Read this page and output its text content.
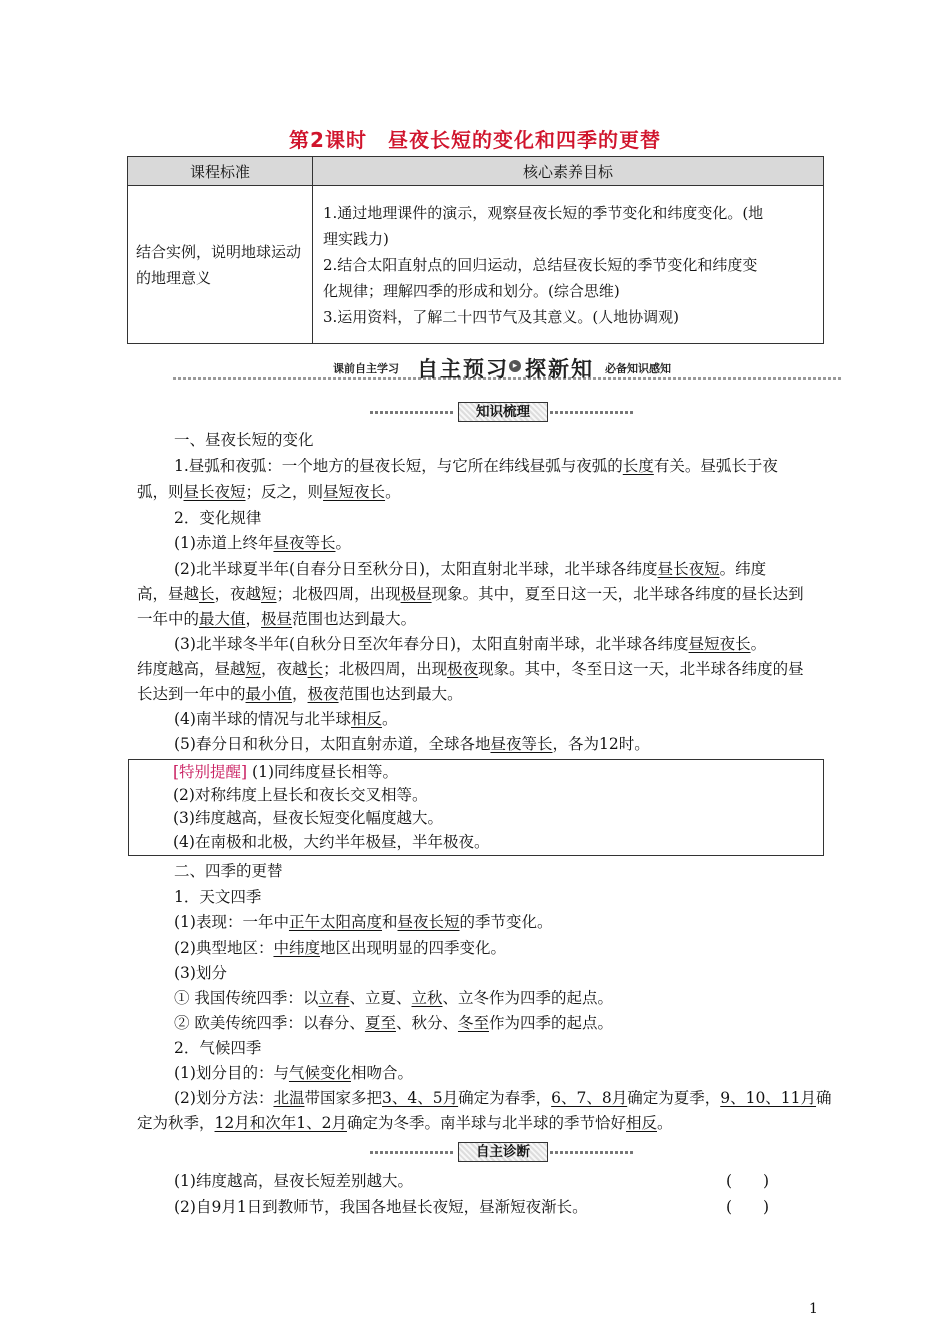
第2课时　昼夜长短的变化和四季的更替
课程标准	核心素养目标
结合实例，说明地球运动的地理意义	1.通过地理课件的演示，观察昼夜长短的季节变化和纬度变化。(地
理实践力)
2.结合太阳直射点的回归运动，总结昼夜长短的季节变化和纬度变
化规律；理解四季的形成和划分。(综合思维)
3.运用资料，了解二十四节气及其意义。(人地协调观)
课前自主学习 自主预习 ▸ 探新知 必备知识感知
知识梳理
一、昼夜长短的变化
1.昼弧和夜弧：一个地方的昼夜长短，与它所在纬线昼弧与夜弧的长度有关。昼弧长于夜
弧，则昼长夜短；反之，则昼短夜长。
2．变化规律
(1)赤道上终年昼夜等长。
(2)北半球夏半年(自春分日至秋分日)，太阳直射北半球，北半球各纬度昼长夜短。纬度
高，昼越长，夜越短；北极四周，出现极昼现象。其中，夏至日这一天，北半球各纬度的昼长达到
一年中的最大值，极昼范围也达到最大。
(3)北半球冬半年(自秋分日至次年春分日)，太阳直射南半球，北半球各纬度昼短夜长。
纬度越高，昼越短，夜越长；北极四周，出现极夜现象。其中，冬至日这一天，北半球各纬度的昼
长达到一年中的最小值，极夜范围也达到最大。
(4)南半球的情况与北半球相反。
(5)春分日和秋分日，太阳直射赤道，全球各地昼夜等长，各为12时。
[特别提醒] (1)同纬度昼长相等。
(2)对称纬度上昼长和夜长交叉相等。
(3)纬度越高，昼夜长短变化幅度越大。
(4)在南极和北极，大约半年极昼，半年极夜。
二、四季的更替
1．天文四季
(1)表现：一年中正午太阳高度和昼夜长短的季节变化。
(2)典型地区：中纬度地区出现明显的四季变化。
(3)划分
① 我国传统四季：以立春、立夏、立秋、立冬作为四季的起点。
② 欧美传统四季：以春分、夏至、秋分、冬至作为四季的起点。
2．气候四季
(1)划分目的：与气候变化相吻合。
(2)划分方法：北温带国家多把3、4、5月确定为春季，6、7、8月确定为夏季，9、10、11月确
定为秋季，12月和次年1、2月确定为冬季。南半球与北半球的季节恰好相反。
自主诊断
(1)纬度越高，昼夜长短差别越大。	(　　)
(2)自9月1日到教师节，我国各地昼长夜短，昼渐短夜渐长。	(　　)
1
